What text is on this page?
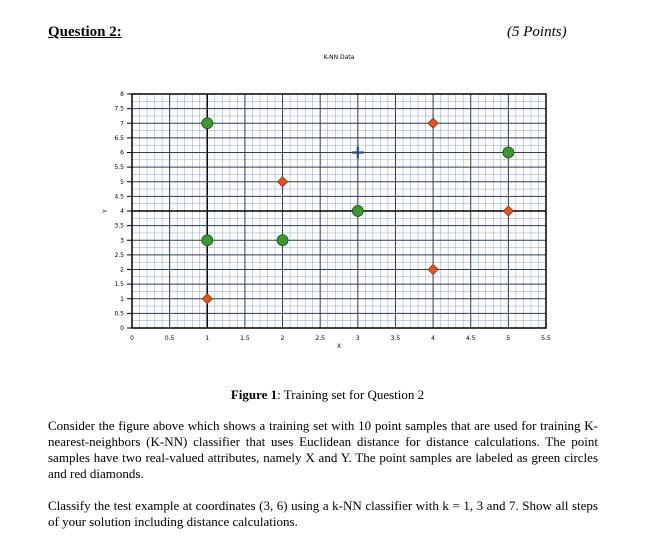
Question 2:	(5 Points)
0	0.5	1	1.5	2	2.5	3	3.5	4	4.5	5	5.5
0
0.5
1
1.5
2
2.5
3
3.5
4
4.5
5
5.5
6
6.5
7
7.5
8
K-NN Data
X
Y
Figure 1: Training set for Question 2

Consider the figure above which shows a training set with 10 point samples that are used for training K-nearest-neighbors (K-NN) classifier that uses Euclidean distance for distance calculations. The point samples have two real-valued attributes, namely X and Y. The point samples are labeled as green circles and red diamonds.

Classify the test example at coordinates (3, 6) using a k-NN classifier with k = 1, 3 and 7. Show all steps of your solution including distance calculations.
